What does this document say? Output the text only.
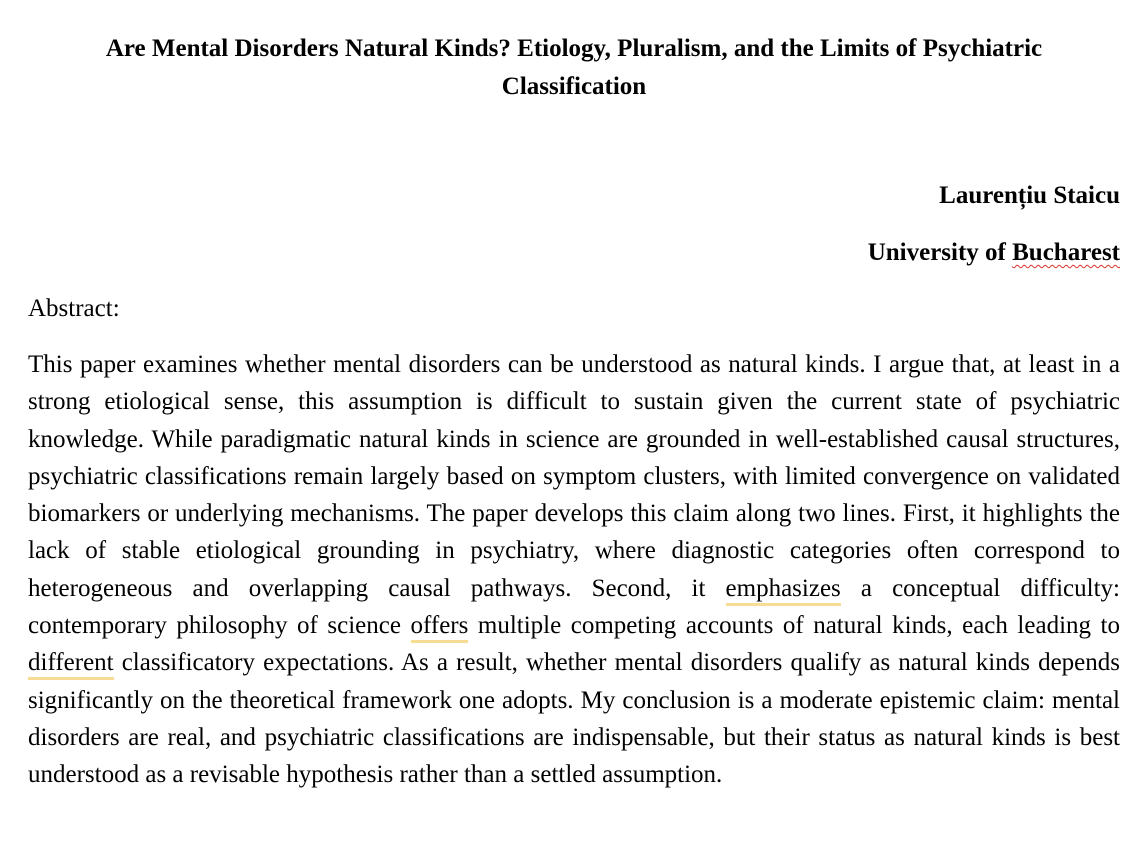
Are Mental Disorders Natural Kinds? Etiology, Pluralism, and the Limits of Psychiatric Classification

Laurențiu Staicu

University of Bucharest

Abstract:

This paper examines whether mental disorders can be understood as natural kinds. I argue that, at least in a strong etiological sense, this assumption is difficult to sustain given the current state of psychiatric knowledge. While paradigmatic natural kinds in science are grounded in well-established causal structures, psychiatric classifications remain largely based on symptom clusters, with limited convergence on validated biomarkers or underlying mechanisms. The paper develops this claim along two lines. First, it highlights the lack of stable etiological grounding in psychiatry, where diagnostic categories often correspond to heterogeneous and overlapping causal pathways. Second, it emphasizes a conceptual difficulty: contemporary philosophy of science offers multiple competing accounts of natural kinds, each leading to different classificatory expectations. As a result, whether mental disorders qualify as natural kinds depends significantly on the theoretical framework one adopts. My conclusion is a moderate epistemic claim: mental disorders are real, and psychiatric classifications are indispensable, but their status as natural kinds is best understood as a revisable hypothesis rather than a settled assumption.
